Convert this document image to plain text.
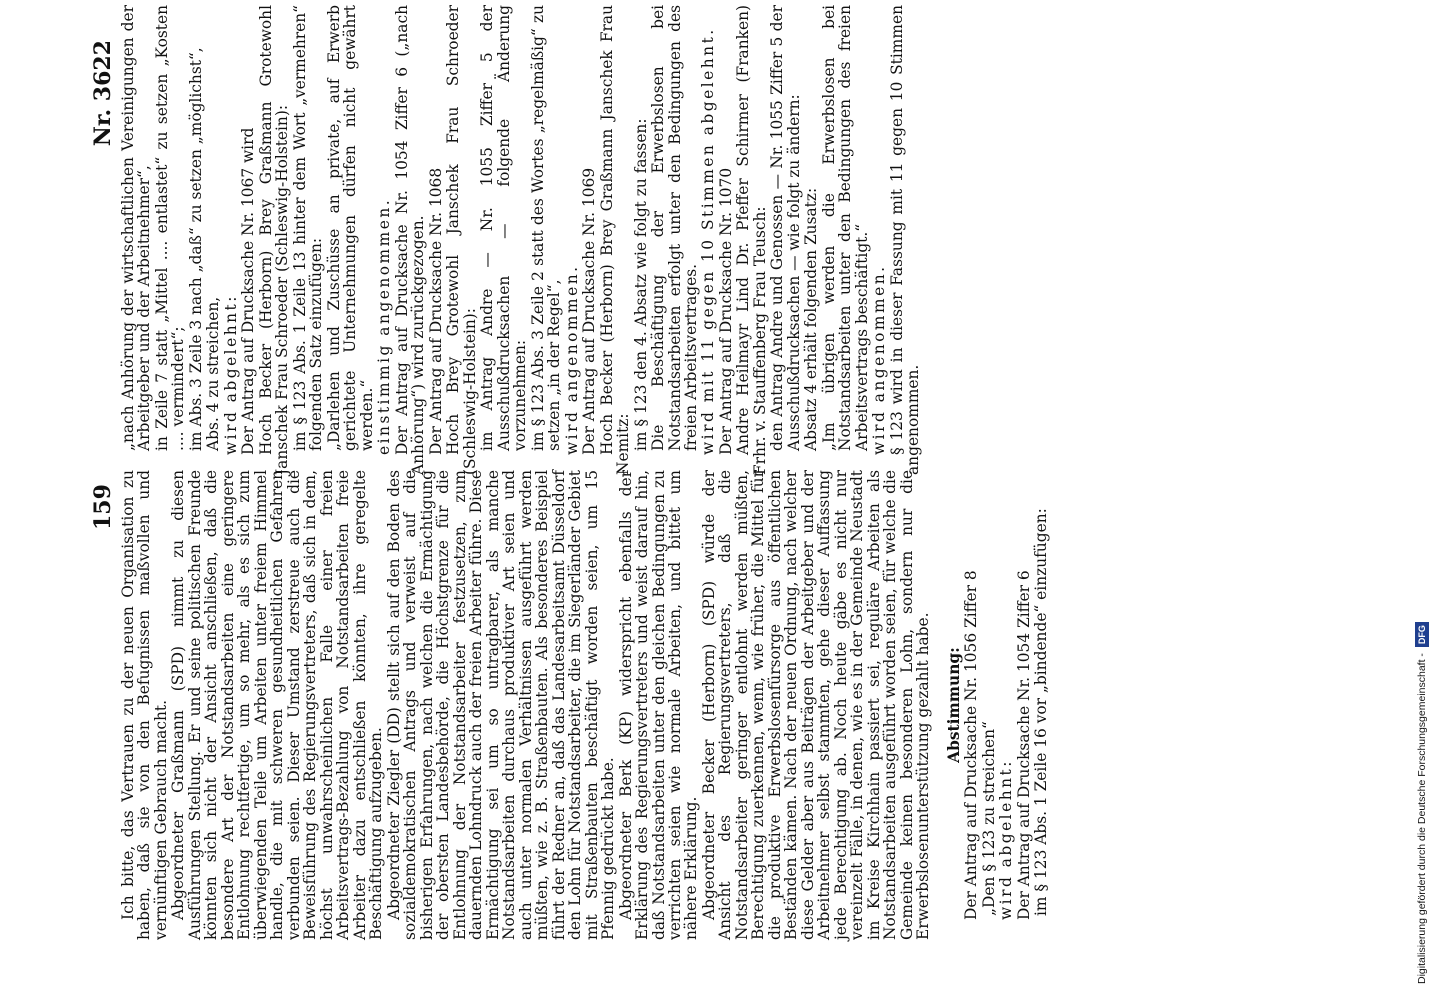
159
Nr. 3622

Ich bitte, das Vertrauen zu der neuen Organisation zu haben, daß sie von den Befugnissen maßvollen und vernünftigen Gebrauch macht. Abgeordneter Graßmann (SPD) nimmt zu diesen Ausführungen Stellung. Er und seine politischen Freunde könnten sich nicht der Ansicht anschließen, daß die besondere Art der Notstandsarbeiten eine geringere Entlohnung rechtfertige, um so mehr, als es sich zum überwiegenden Teile um Arbeiten unter freiem Himmel handle, die mit schweren gesundheitlichen Gefahren verbunden seien. Dieser Umstand zerstreue auch die Beweisführung des Regierungsvertreters, daß sich in dem, höchst unwahrscheinlichen Falle einer freien Arbeitsvertrags-Bezahlung von Notstandsarbeiten freie Arbeiter dazu entschließen könnten, ihre geregelte Beschäftigung aufzugeben. Abgeordneter Ziegler (DD) stellt sich auf den Boden des sozialdemokratischen Antrags und verweist auf die bisherigen Erfahrungen, nach welchen die Ermächtigung der obersten Landesbehörde, die Höchstgrenze für die Entlohnung der Notstandsarbeiter festzusetzen, zum dauernden Lohndruck auch der freien Arbeiter führe. Diese Ermächtigung sei um so untragbarer, als manche Notstandsarbeiten durchaus produktiver Art seien und auch unter normalen Verhältnissen ausgeführt werden müßten, wie z. B. Straßenbauten. Als besonderes Beispiel führt der Redner an, daß das Landesarbeitsamt Düsseldorf den Lohn für Notstandsarbeiter, die im Siegerländer Gebiet mit Straßenbauten beschäftigt worden seien, um 15 Pfennig gedrückt habe. Abgeordneter Berk (KP) widerspricht ebenfalls der Erklärung des Regierungsvertreters und weist darauf hin, daß Notstandsarbeiten unter den gleichen Bedingungen zu verrichten seien wie normale Arbeiten, und bittet um nähere Erklärung. Abgeordneter Becker (Herborn) (SPD) würde der Ansicht des Regierungsvertreters, daß die Notstandsarbeiter geringer entlohnt werden müßten, Berechtigung zuerkennen, wenn, wie früher, die Mittel für die produktive Erwerbslosenfürsorge aus öffentlichen Beständen kämen. Nach der neuen Ordnung, nach welcher diese Gelder aber aus Beiträgen der Arbeitgeber und der Arbeitnehmer selbst stammten, gehe dieser Auffassung jede Berechtigung ab. Noch heute gäbe es nicht nur vereinzelt Fälle, in denen, wie es in der Gemeinde Neustadt im Kreise Kirchhain passiert sei, reguläre Arbeiten als Notstandsarbeiten ausgeführt worden seien, für welche die Gemeinde keinen besonderen Lohn, sondern nur die Erwerbslosenunterstützung gezahlt habe. Abstimmung: Der Antrag auf Drucksache Nr. 1056 Ziffer 8 „Den § 123 zu streichen“ wird abgelehnt: Der Antrag auf Drucksache Nr. 1054 Ziffer 6 im § 123 Abs. 1 Zeile 16 vor „bindende“ einzufügen:

„nach Anhörung der wirtschaftlichen Vereinigungen der Arbeitgeber und der Arbeitnehmer“, in Zeile 7 statt „Mittel .... entlastet“ zu setzen „Kosten .... vermindert“; im Abs. 3 Zeile 3 nach „daß“ zu setzen „möglichst“, Abs. 4 zu streichen, wird abgelehnt: Der Antrag auf Drucksache Nr. 1067 wird Hoch Becker (Herborn) Brey Graßmann Grotewohl Janschek Frau Schroeder (Schleswig-Holstein): im § 123 Abs. 1 Zeile 13 hinter dem Wort „vermehren“ folgenden Satz einzufügen: „Darlehen und Zuschüsse an private, auf Erwerb gerichtete Unternehmungen dürfen nicht gewährt werden.“ einstimmig angenommen. Der Antrag auf Drucksache Nr. 1054 Ziffer 6 („nach Anhörung“) wird zurückgezogen. Der Antrag auf Drucksache Nr. 1068 Hoch Brey Grotewohl Janschek Frau Schroeder (Schleswig-Holstein): im Antrag Andre — Nr. 1055 Ziffer 5 der Ausschußdrucksachen — folgende Änderung vorzunehmen: im § 123 Abs. 3 Zeile 2 statt des Wortes „regelmäßig“ zu setzen „in der Regel“, wird angenommen. Der Antrag auf Drucksache Nr. 1069 Hoch Becker (Herborn) Brey Graßmann Janschek Frau Nemitz: im § 123 den 4. Absatz wie folgt zu fassen: Die Beschäftigung der Erwerbslosen bei Notstandsarbeiten erfolgt unter den Bedingungen des freien Arbeitsvertrages. wird mit 11 gegen 10 Stimmen abgelehnt. Der Antrag auf Drucksache Nr. 1070 Andre Heilmayr Lind Dr. Pfeffer Schirmer (Franken) Frhr. v. Stauffenberg Frau Teusch: den Antrag Andre und Genossen — Nr. 1055 Ziffer 5 der Ausschußdrucksachen — wie folgt zu ändern: Absatz 4 erhält folgenden Zusatz: „Im übrigen werden die Erwerbslosen bei Notstandsarbeiten unter den Bedingungen des freien Arbeitsvertrags beschäftigt.“ wird angenommen. § 123 wird in dieser Fassung mit 11 gegen 10 Stimmen angenommen.

Digitalisierung gefördert durch die Deutsche Forschungsgemeinschaft -
DFG
